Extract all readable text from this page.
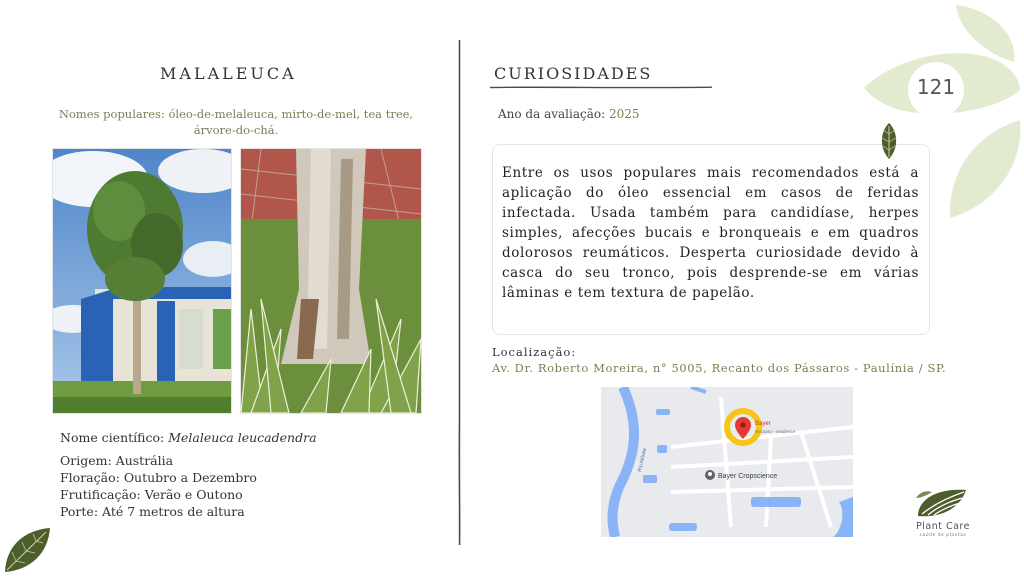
MALALEUCA
Nomes populares: óleo-de-melaleuca, mirto-de-mel, tea tree, árvore-do-chá.
Nome científico: Melaleuca leucadendra
Origem: Austrália
Floração: Outubro a Dezembro
Frutificação: Verão e Outono
Porte: Até 7 metros de altura
CURIOSIDADES
Ano da avaliação: 2025
Entre os usos populares mais recomendados está a aplicação do óleo essencial em casos de feridas infectada. Usada também para candidíase, herpes simples, afecções bucais e bronqueais e em quadros dolorosos reumáticos. Desperta curiosidade devido à casca do seu tronco, pois desprende-se em várias lâminas e tem textura de papelão.
Localização:
Av. Dr. Roberto Moreira, n° 5005, Recanto dos Pássaros - Paulínia / SP.
Bayer
Recanto - residence
Bayer Cropscience
Rio Atibaia
121
Plant Care
saúde de plantas
